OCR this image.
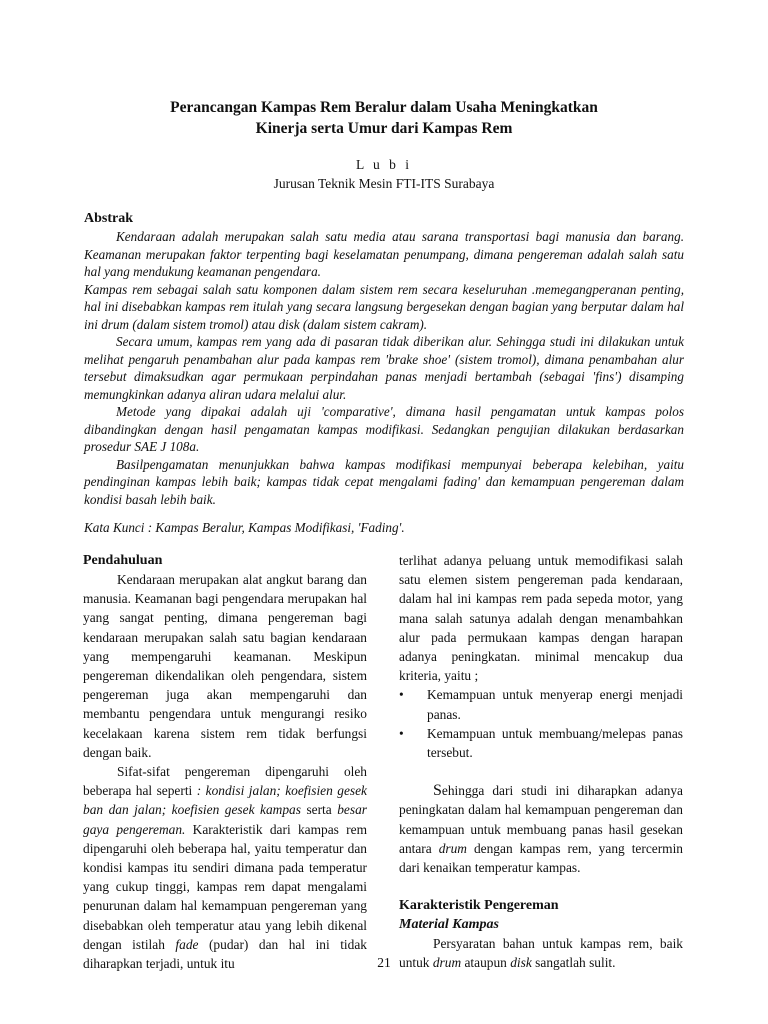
Perancangan Kampas Rem Beralur dalam Usaha Meningkatkan
Kinerja serta Umur dari Kampas Rem
L u b i
Jurusan Teknik Mesin FTI-ITS Surabaya
Abstrak

Kendaraan adalah merupakan salah satu media atau sarana transportasi bagi manusia dan barang. Keamanan merupakan faktor terpenting bagi keselamatan penumpang, dimana pengereman adalah salah satu hal yang mendukung keamanan pengendara.

Kampas rem sebagai salah satu komponen dalam sistem rem secara keseluruhan .memegangperanan penting, hal ini disebabkan kampas rem itulah yang secara langsung bergesekan dengan bagian yang berputar dalam hal ini drum (dalam sistem tromol) atau disk (dalam sistem cakram).

Secara umum, kampas rem yang ada di pasaran tidak diberikan alur. Sehingga studi ini dilakukan untuk melihat pengaruh penambahan alur pada kampas rem 'brake shoe' (sistem tromol), dimana penambahan alur tersebut dimaksudkan agar permukaan perpindahan panas menjadi bertambah (sebagai 'fins') disamping memungkinkan adanya aliran udara melalui alur.

Metode yang dipakai adalah uji 'comparative', dimana hasil pengamatan untuk kampas polos dibandingkan dengan hasil pengamatan kampas modifikasi. Sedangkan pengujian dilakukan berdasarkan prosedur SAE J 108a.

Basilpengamatan menunjukkan bahwa kampas modifikasi mempunyai beberapa kelebihan, yaitu pendinginan kampas lebih baik; kampas tidak cepat mengalami fading' dan kemampuan pengereman dalam kondisi basah lebih baik.

Kata Kunci : Kampas Beralur, Kampas Modifikasi, 'Fading'.
Pendahuluan

Kendaraan merupakan alat angkut barang dan manusia. Keamanan bagi pengendara merupakan hal yang sangat penting, dimana pengereman bagi kendaraan merupakan salah satu bagian kendaraan yang mempengaruhi keamanan. Meskipun pengereman dikendalikan oleh pengendara, sistem pengereman juga akan mempengaruhi dan membantu pengendara untuk mengurangi resiko kecelakaan karena sistem rem tidak berfungsi dengan baik.

Sifat-sifat pengereman dipengaruhi oleh beberapa hal seperti : kondisi jalan; koefisien gesek ban dan jalan; koefisien gesek kampas serta besar gaya pengereman. Karakteristik dari kampas rem dipengaruhi oleh beberapa hal, yaitu temperatur dan kondisi kampas itu sendiri dimana pada temperatur yang cukup tinggi, kampas rem dapat mengalami penurunan dalam hal kemampuan pengereman yang disebabkan oleh temperatur atau yang lebih dikenal dengan istilah fade (pudar) dan hal ini tidak diharapkan terjadi, untuk itu

terlihat adanya peluang untuk memodifikasi salah satu elemen sistem pengereman pada kendaraan, dalam hal ini kampas rem pada sepeda motor, yang mana salah satunya adalah dengan menambahkan alur pada permukaan kampas dengan harapan adanya peningkatan. minimal mencakup dua kriteria, yaitu ;

• Kemampuan untuk menyerap energi menjadi panas.
• Kemampuan untuk membuang/melepas panas tersebut.

Sehingga dari studi ini diharapkan adanya peningkatan dalam hal kemampuan pengereman dan kemampuan untuk membuang panas hasil gesekan antara drum dengan kampas rem, yang tercermin dari kenaikan temperatur kampas.

Karakteristik Pengereman
Material Kampas

Persyaratan bahan untuk kampas rem, baik untuk drum ataupun disk sangatlah sulit.

21
